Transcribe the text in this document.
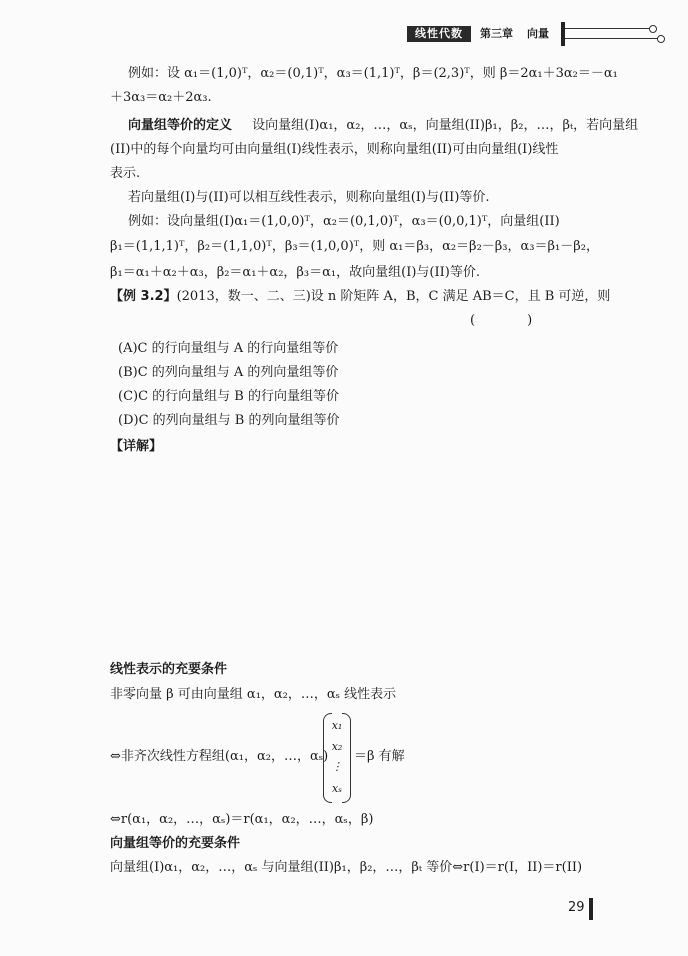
线性代数	第三章 向量
例如：设 α₁＝(1,0)ᵀ，α₂＝(0,1)ᵀ，α₃＝(1,1)ᵀ，β＝(2,3)ᵀ，则 β＝2α₁＋3α₂＝－α₁
＋3α₃＝α₂＋2α₃.
向量组等价的定义 设向量组(I)α₁，α₂，…，αₛ，向量组(II)β₁，β₂，…，βₜ，若向量组
(II)中的每个向量均可由向量组(I)线性表示，则称向量组(II)可由向量组(I)线性
表示.
若向量组(I)与(II)可以相互线性表示，则称向量组(I)与(II)等价.
例如：设向量组(I)α₁＝(1,0,0)ᵀ，α₂＝(0,1,0)ᵀ，α₃＝(0,0,1)ᵀ，向量组(II)
β₁＝(1,1,1)ᵀ，β₂＝(1,1,0)ᵀ，β₃＝(1,0,0)ᵀ，则 α₁＝β₃，α₂＝β₂－β₃，α₃＝β₁－β₂，
β₁＝α₁＋α₂＋α₃，β₂＝α₁＋α₂，β₃＝α₁，故向量组(I)与(II)等价.
【例 3.2】(2013，数一、二、三)设 n 阶矩阵 A，B，C 满足 AB＝C，且 B 可逆，则
(　　　　)
(A)C 的行向量组与 A 的行向量组等价
(B)C 的列向量组与 A 的列向量组等价
(C)C 的行向量组与 B 的行向量组等价
(D)C 的列向量组与 B 的列向量组等价
【详解】
线性表示的充要条件
非零向量 β 可由向量组 α₁，α₂，…，αₛ 线性表示
⇔非齐次线性方程组(α₁，α₂，…，αₛ)
x₁
x₂
⋮
xₛ
＝β 有解
⇔r(α₁，α₂，…，αₛ)＝r(α₁，α₂，…，αₛ，β)
向量组等价的充要条件
向量组(I)α₁，α₂，…，αₛ 与向量组(II)β₁，β₂，…，βₜ 等价⇔r(I)＝r(I，II)＝r(II)
29
